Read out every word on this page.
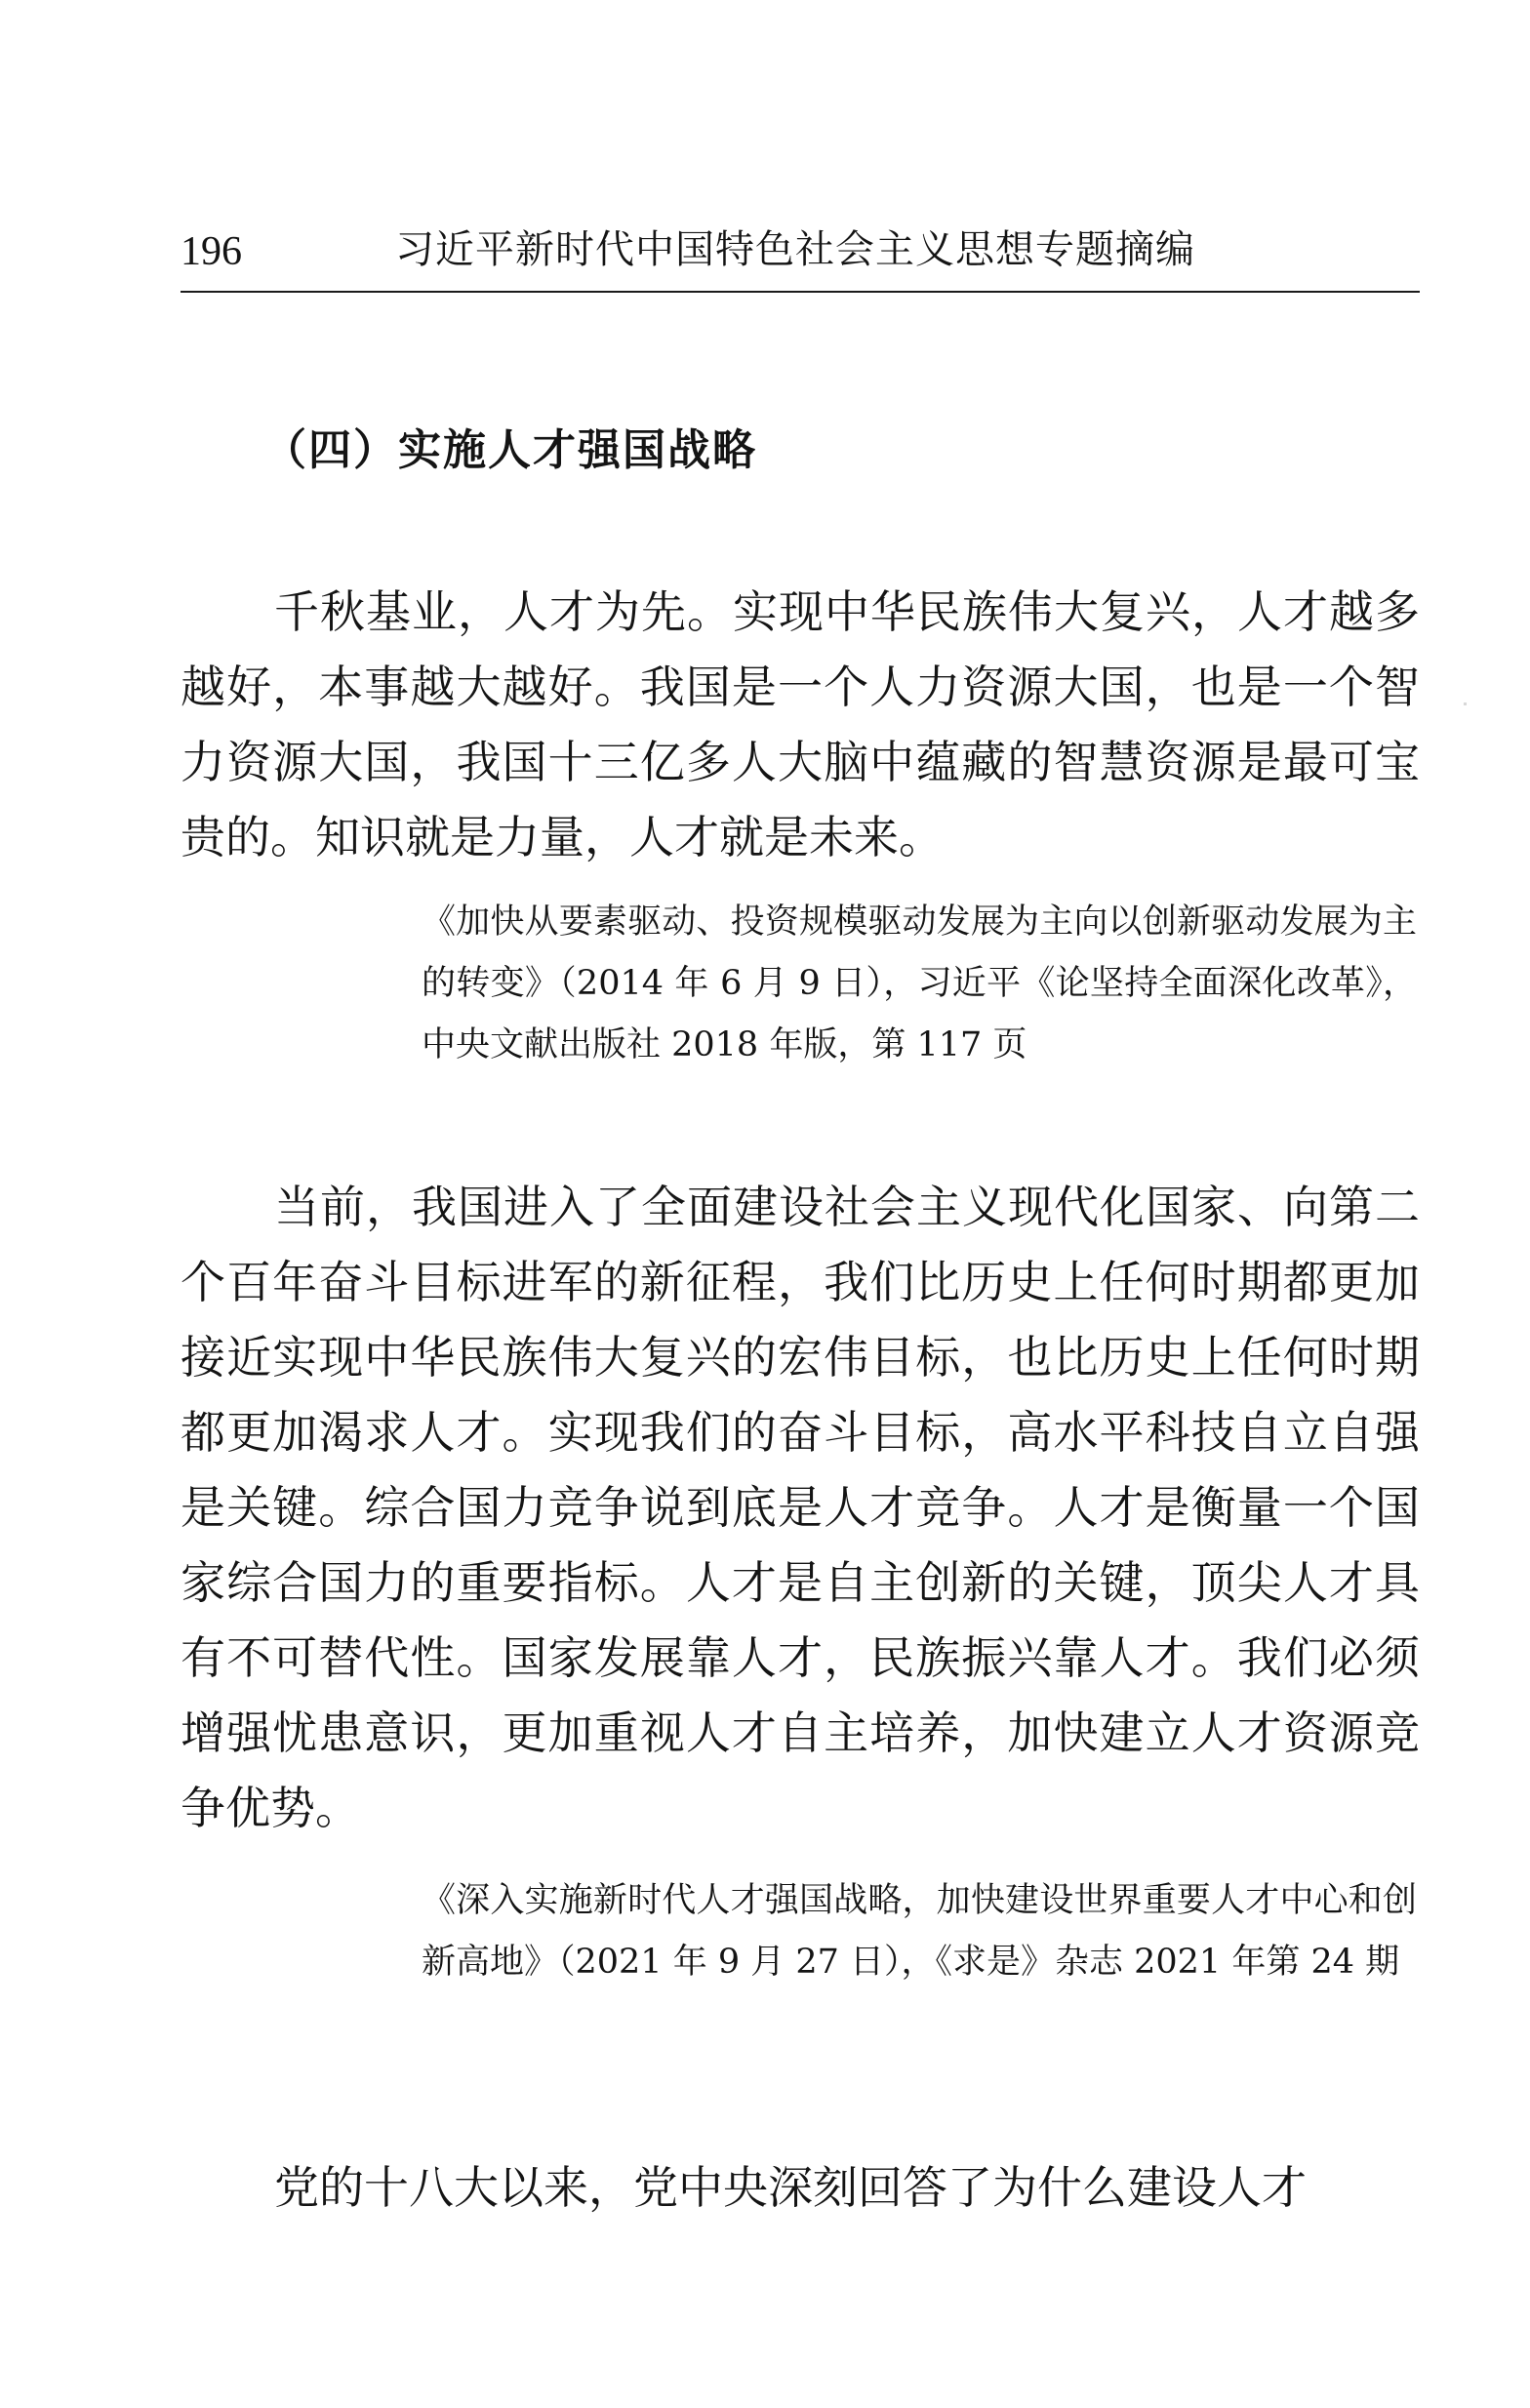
196	习近平新时代中国特色社会主义思想专题摘编
（四）实施人才强国战略

千秋基业，人才为先。实现中华民族伟大复兴，人才越多越好，本事越大越好。我国是一个人力资源大国，也是一个智力资源大国，我国十三亿多人大脑中蕴藏的智慧资源是最可宝贵的。知识就是力量，人才就是未来。

《加快从要素驱动、投资规模驱动发展为主向以创新驱动发展为主的转变》（2014 年 6 月 9 日），习近平《论坚持全面深化改革》，中央文献出版社 2018 年版，第 117 页

当前，我国进入了全面建设社会主义现代化国家、向第二个百年奋斗目标进军的新征程，我们比历史上任何时期都更加接近实现中华民族伟大复兴的宏伟目标，也比历史上任何时期都更加渴求人才。实现我们的奋斗目标，高水平科技自立自强是关键。综合国力竞争说到底是人才竞争。人才是衡量一个国家综合国力的重要指标。人才是自主创新的关键，顶尖人才具有不可替代性。国家发展靠人才，民族振兴靠人才。我们必须增强忧患意识，更加重视人才自主培养，加快建立人才资源竞争优势。

《深入实施新时代人才强国战略，加快建设世界重要人才中心和创新高地》（2021 年 9 月 27 日），《求是》杂志 2021 年第 24 期

党的十八大以来，党中央深刻回答了为什么建设人才
